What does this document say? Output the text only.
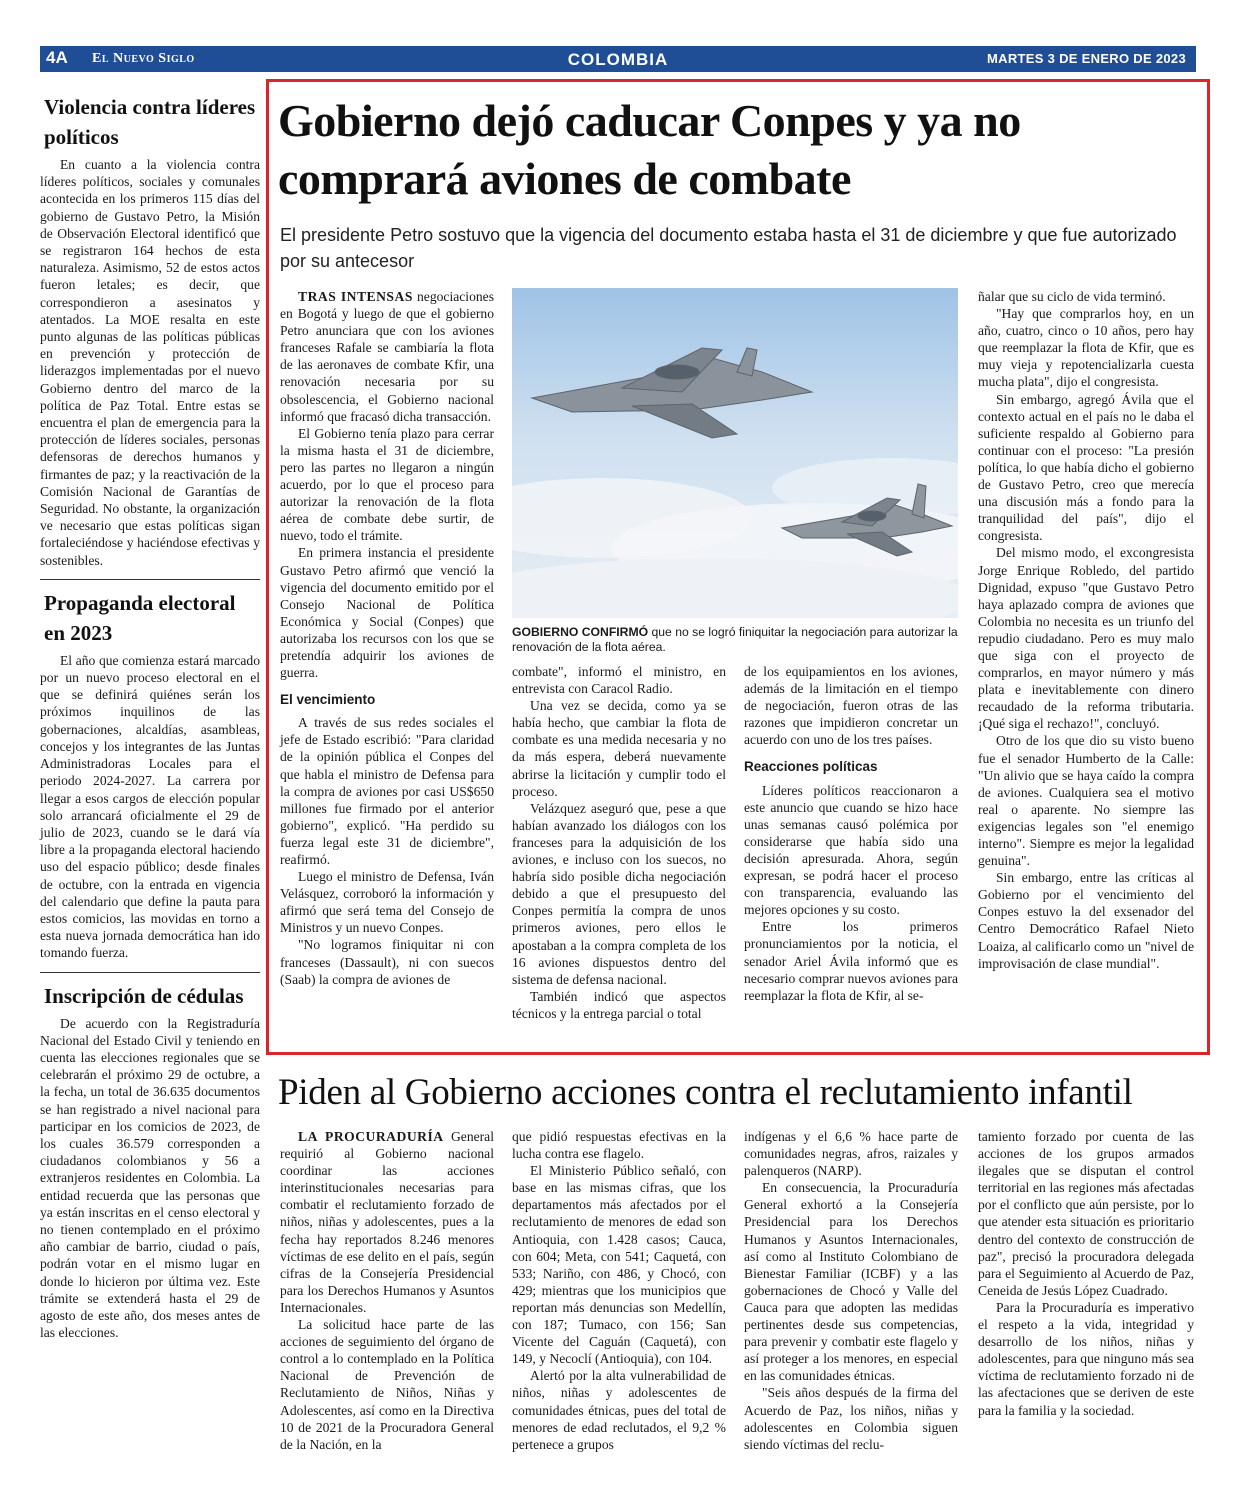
4A El Nuevo Siglo	COLOMBIA	MARTES 3 DE ENERO DE 2023
Violencia contra líderes políticos

En cuanto a la violencia contra líderes políticos, sociales y comunales acontecida en los primeros 115 días del gobierno de Gustavo Petro, la Misión de Observación Electoral identificó que se registraron 164 hechos de esta naturaleza. Asimismo, 52 de estos actos fueron letales; es decir, que correspondieron a asesinatos y atentados. La MOE resalta en este punto algunas de las políticas públicas en prevención y protección de liderazgos implementadas por el nuevo Gobierno dentro del marco de la política de Paz Total. Entre estas se encuentra el plan de emergencia para la protección de líderes sociales, personas defensoras de derechos humanos y firmantes de paz; y la reactivación de la Comisión Nacional de Garantías de Seguridad. No obstante, la organización ve necesario que estas políticas sigan fortaleciéndose y haciéndose efectivas y sostenibles.

Propaganda electoral en 2023

El año que comienza estará marcado por un nuevo proceso electoral en el que se definirá quiénes serán los próximos inquilinos de las gobernaciones, alcaldías, asambleas, concejos y los integrantes de las Juntas Administradoras Locales para el periodo 2024-2027. La carrera por llegar a esos cargos de elección popular solo arrancará oficialmente el 29 de julio de 2023, cuando se le dará vía libre a la propaganda electoral haciendo uso del espacio público; desde finales de octubre, con la entrada en vigencia del calendario que define la pauta para estos comicios, las movidas en torno a esta nueva jornada democrática han ido tomando fuerza.

Inscripción de cédulas

De acuerdo con la Registraduría Nacional del Estado Civil y teniendo en cuenta las elecciones regionales que se celebrarán el próximo 29 de octubre, a la fecha, un total de 36.635 documentos se han registrado a nivel nacional para participar en los comicios de 2023, de los cuales 36.579 corresponden a ciudadanos colombianos y 56 a extranjeros residentes en Colombia. La entidad recuerda que las personas que ya están inscritas en el censo electoral y no tienen contemplado en el próximo año cambiar de barrio, ciudad o país, podrán votar en el mismo lugar en donde lo hicieron por última vez. Este trámite se extenderá hasta el 29 de agosto de este año, dos meses antes de las elecciones.

Gobierno dejó caducar Conpes y ya no comprará aviones de combate
El presidente Petro sostuvo que la vigencia del documento estaba hasta el 31 de diciembre y que fue autorizado por su antecesor

TRAS INTENSAS negociaciones en Bogotá y luego de que el gobierno Petro anunciara que con los aviones franceses Rafale se cambiaría la flota de las aeronaves de combate Kfir, una renovación necesaria por su obsolescencia, el Gobierno nacional informó que fracasó dicha transacción.

El Gobierno tenía plazo para cerrar la misma hasta el 31 de diciembre, pero las partes no llegaron a ningún acuerdo, por lo que el proceso para autorizar la renovación de la flota aérea de combate debe surtir, de nuevo, todo el trámite.

En primera instancia el presidente Gustavo Petro afirmó que venció la vigencia del documento emitido por el Consejo Nacional de Política Económica y Social (Conpes) que autorizaba los recursos con los que se pretendía adquirir los aviones de guerra.

El vencimiento

A través de sus redes sociales el jefe de Estado escribió: "Para claridad de la opinión pública el Conpes del que habla el ministro de Defensa para la compra de aviones por casi US$650 millones fue firmado por el anterior gobierno", explicó. "Ha perdido su fuerza legal este 31 de diciembre", reafirmó.

Luego el ministro de Defensa, Iván Velásquez, corroboró la información y afirmó que será tema del Consejo de Ministros y un nuevo Conpes.

"No logramos finiquitar ni con franceses (Dassault), ni con suecos (Saab) la compra de aviones de

GOBIERNO CONFIRMÓ que no se logró finiquitar la negociación para autorizar la renovación de la flota aérea.

combate", informó el ministro, en entrevista con Caracol Radio.

Una vez se decida, como ya se había hecho, que cambiar la flota de combate es una medida necesaria y no da más espera, deberá nuevamente abrirse la licitación y cumplir todo el proceso.

Velázquez aseguró que, pese a que habían avanzado los diálogos con los franceses para la adquisición de los aviones, e incluso con los suecos, no habría sido posible dicha negociación debido a que el presupuesto del Conpes permitía la compra de unos primeros aviones, pero ellos le apostaban a la compra completa de los 16 aviones dispuestos dentro del sistema de defensa nacional.

También indicó que aspectos técnicos y la entrega parcial o total

de los equipamientos en los aviones, además de la limitación en el tiempo de negociación, fueron otras de las razones que impidieron concretar un acuerdo con uno de los tres países.

Reacciones políticas

Líderes políticos reaccionaron a este anuncio que cuando se hizo hace unas semanas causó polémica por considerarse que había sido una decisión apresurada. Ahora, según expresan, se podrá hacer el proceso con transparencia, evaluando las mejores opciones y su costo.

Entre los primeros pronunciamientos por la noticia, el senador Ariel Ávila informó que es necesario comprar nuevos aviones para reemplazar la flota de Kfir, al se-

ñalar que su ciclo de vida terminó.

"Hay que comprarlos hoy, en un año, cuatro, cinco o 10 años, pero hay que reemplazar la flota de Kfir, que es muy vieja y repotencializarla cuesta mucha plata", dijo el congresista.

Sin embargo, agregó Ávila que el contexto actual en el país no le daba el suficiente respaldo al Gobierno para continuar con el proceso: "La presión política, lo que había dicho el gobierno de Gustavo Petro, creo que merecía una discusión más a fondo para la tranquilidad del país", dijo el congresista.

Del mismo modo, el excongresista Jorge Enrique Robledo, del partido Dignidad, expuso "que Gustavo Petro haya aplazado compra de aviones que Colombia no necesita es un triunfo del repudio ciudadano. Pero es muy malo que siga con el proyecto de comprarlos, en mayor número y más plata e inevitablemente con dinero recaudado de la reforma tributaria. ¡Qué siga el rechazo!", concluyó.

Otro de los que dio su visto bueno fue el senador Humberto de la Calle: "Un alivio que se haya caído la compra de aviones. Cualquiera sea el motivo real o aparente. No siempre las exigencias legales son "el enemigo interno". Siempre es mejor la legalidad genuina".

Sin embargo, entre las críticas al Gobierno por el vencimiento del Conpes estuvo la del exsenador del Centro Democrático Rafael Nieto Loaiza, al calificarlo como un "nivel de improvisación de clase mundial".

Piden al Gobierno acciones contra el reclutamiento infantil

LA PROCURADURÍA General requirió al Gobierno nacional coordinar las acciones interinstitucionales necesarias para combatir el reclutamiento forzado de niños, niñas y adolescentes, pues a la fecha hay reportados 8.246 menores víctimas de ese delito en el país, según cifras de la Consejería Presidencial para los Derechos Humanos y Asuntos Internacionales.

La solicitud hace parte de las acciones de seguimiento del órgano de control a lo contemplado en la Política Nacional de Prevención de Reclutamiento de Niños, Niñas y Adolescentes, así como en la Directiva 10 de 2021 de la Procuradora General de la Nación, en la

que pidió respuestas efectivas en la lucha contra ese flagelo.

El Ministerio Público señaló, con base en las mismas cifras, que los departamentos más afectados por el reclutamiento de menores de edad son Antioquia, con 1.428 casos; Cauca, con 604; Meta, con 541; Caquetá, con 533; Nariño, con 486, y Chocó, con 429; mientras que los municipios que reportan más denuncias son Medellín, con 187; Tumaco, con 156; San Vicente del Caguán (Caquetá), con 149, y Necoclí (Antioquia), con 104.

Alertó por la alta vulnerabilidad de niños, niñas y adolescentes de comunidades étnicas, pues del total de menores de edad reclutados, el 9,2 % pertenece a grupos

indígenas y el 6,6 % hace parte de comunidades negras, afros, raizales y palenqueros (NARP).

En consecuencia, la Procuraduría General exhortó a la Consejería Presidencial para los Derechos Humanos y Asuntos Internacionales, así como al Instituto Colombiano de Bienestar Familiar (ICBF) y a las gobernaciones de Chocó y Valle del Cauca para que adopten las medidas pertinentes desde sus competencias, para prevenir y combatir este flagelo y así proteger a los menores, en especial en las comunidades étnicas.

"Seis años después de la firma del Acuerdo de Paz, los niños, niñas y adolescentes en Colombia siguen siendo víctimas del reclu-

tamiento forzado por cuenta de las acciones de los grupos armados ilegales que se disputan el control territorial en las regiones más afectadas por el conflicto que aún persiste, por lo que atender esta situación es prioritario dentro del contexto de construcción de paz", precisó la procuradora delegada para el Seguimiento al Acuerdo de Paz, Ceneida de Jesús López Cuadrado.

Para la Procuraduría es imperativo el respeto a la vida, integridad y desarrollo de los niños, niñas y adolescentes, para que ninguno más sea víctima de reclutamiento forzado ni de las afectaciones que se deriven de este para la familia y la sociedad.
